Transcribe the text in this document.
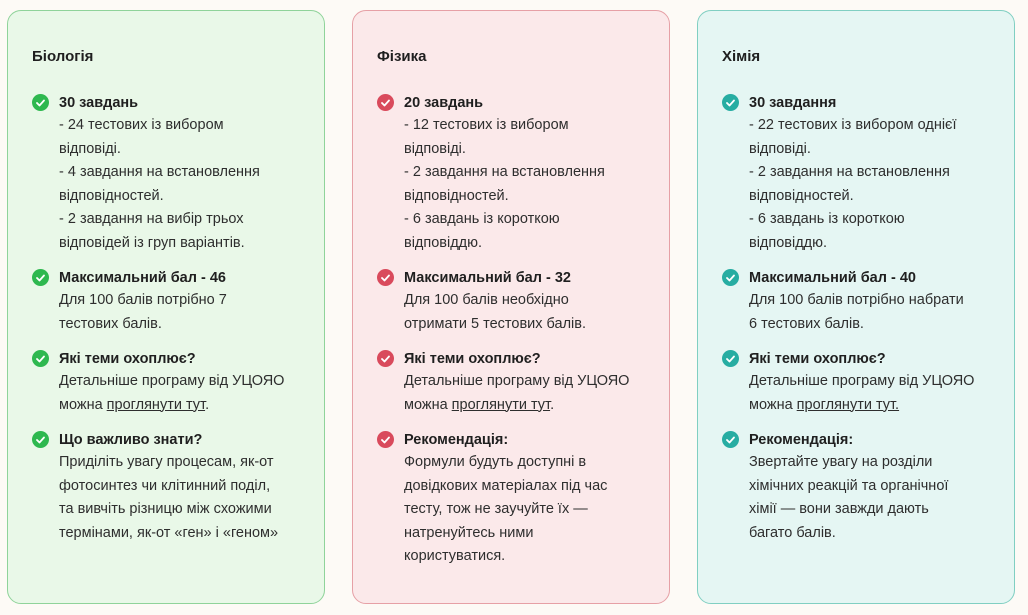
Біологія
30 завдань
- 24 тестових із вибором
відповіді.
- 4 завдання на встановлення
відповідностей.
- 2 завдання на вибір трьох
відповідей із груп варіантів.
Максимальний бал - 46
Для 100 балів потрібно 7
тестових балів.
Які теми охоплює?
Детальніше програму від УЦОЯО
можна проглянути тут.
Що важливо знати?
Приділіть увагу процесам, як-от
фотосинтез чи клітинний поділ,
та вивчіть різницю між схожими
термінами, як-от «ген» і «геном»
Фізика
20 завдань
- 12 тестових із вибором
відповіді.
- 2 завдання на встановлення
відповідностей.
- 6 завдань із короткою
відповіддю.
Максимальний бал - 32
Для 100 балів необхідно
отримати 5 тестових балів.
Які теми охоплює?
Детальніше програму від УЦОЯО
можна проглянути тут.
Рекомендація:
Формули будуть доступні в
довідкових матеріалах під час
тесту, тож не заучуйте їх —
натренуйтесь ними
користуватися.
Хімія
30 завдання
- 22 тестових із вибором однієї
відповіді.
- 2 завдання на встановлення
відповідностей.
- 6 завдань із короткою
відповіддю.
Максимальний бал - 40
Для 100 балів потрібно набрати
6 тестових балів.
Які теми охоплює?
Детальніше програму від УЦОЯО
можна проглянути тут.
Рекомендація:
Звертайте увагу на розділи
хімічних реакцій та органічної
хімії — вони завжди дають
багато балів.
